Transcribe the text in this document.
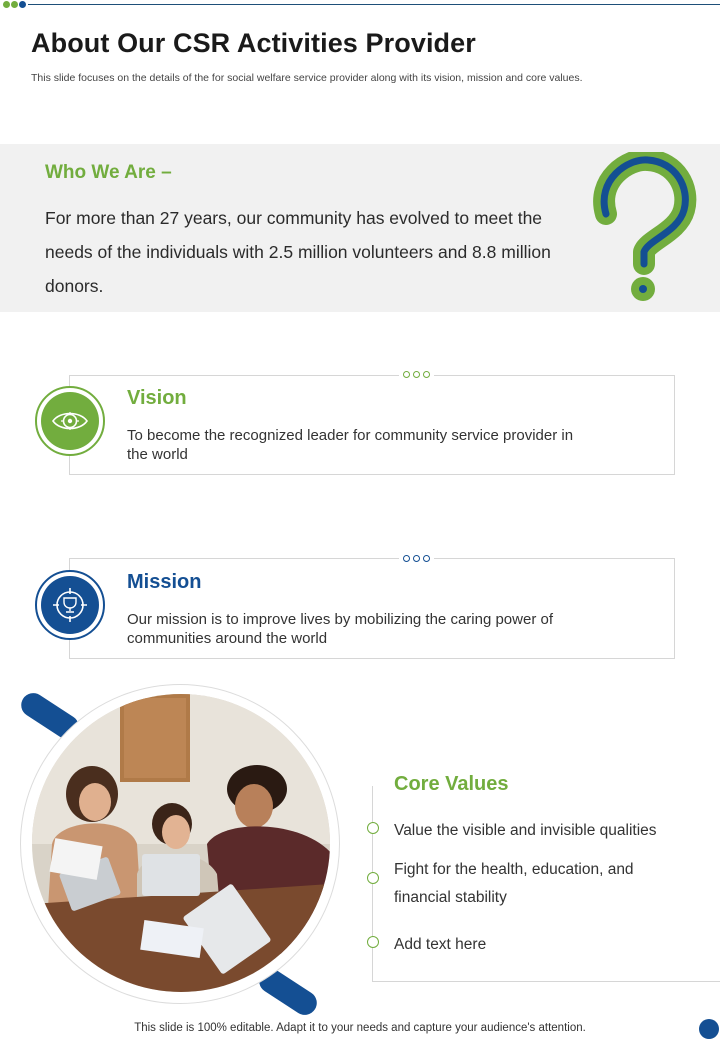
About Our CSR Activities Provider
This slide focuses on the details of the for social welfare service provider along with its vision, mission and core values.
Who We Are –
For more than 27 years, our community has evolved to meet the needs of the individuals with 2.5 million volunteers and 8.8 million donors.
Vision
To become the recognized leader for community service provider in the world
Mission
Our mission is to improve lives by mobilizing the caring power of communities around the world
Core Values
Value the visible and invisible qualities
Fight for the health, education, and financial stability
Add text here
This slide is 100% editable. Adapt it to your needs and capture your audience's attention.
